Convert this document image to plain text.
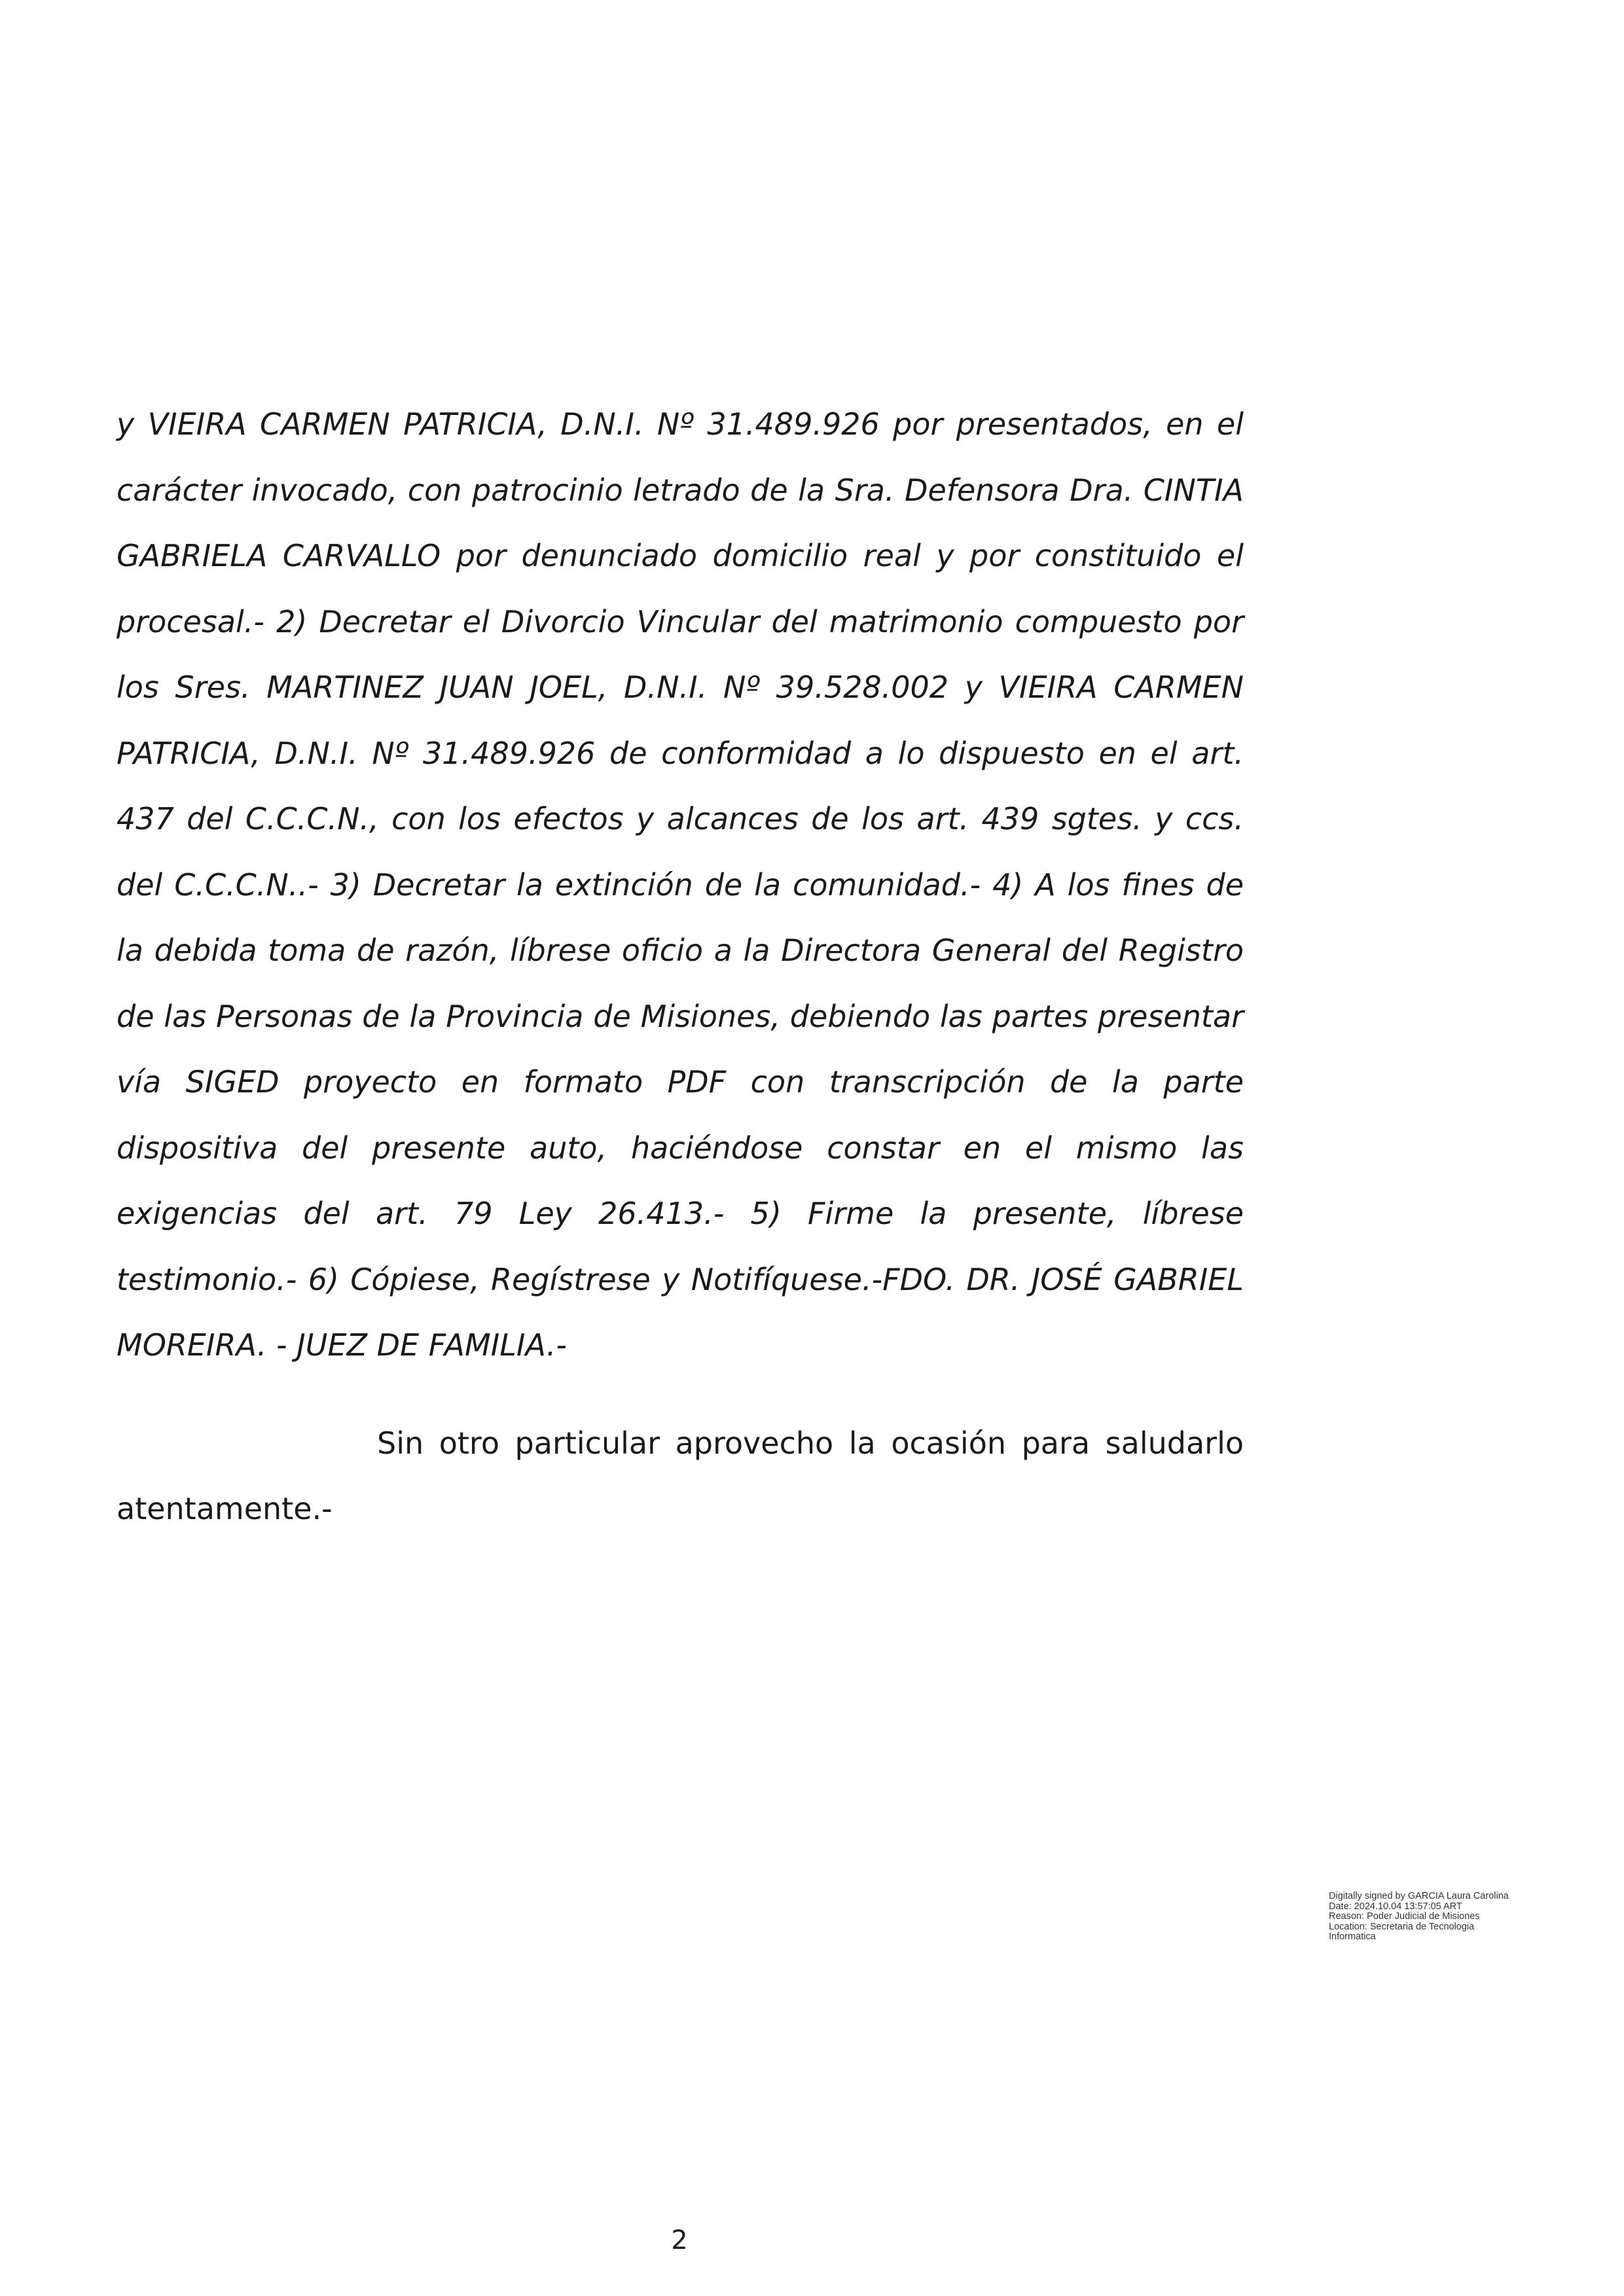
y VIEIRA CARMEN PATRICIA, D.N.I. Nº 31.489.926 por presentados, en el carácter invocado, con patrocinio letrado de la Sra. Defensora Dra. CINTIA GABRIELA CARVALLO por denunciado domicilio real y por constituido el procesal.- 2) Decretar el Divorcio Vincular del matrimonio compuesto por los Sres. MARTINEZ JUAN JOEL, D.N.I. Nº 39.528.002 y VIEIRA CARMEN PATRICIA, D.N.I. Nº 31.489.926 de conformidad a lo dispuesto en el art. 437 del C.C.C.N., con los efectos y alcances de los art. 439 sgtes. y ccs. del C.C.C.N..- 3) Decretar la extinción de la comunidad.- 4) A los fines de la debida toma de razón, líbrese oficio a la Directora General del Registro de las Personas de la Provincia de Misiones, debiendo las partes presentar vía SIGED proyecto en formato PDF con transcripción de la parte dispositiva del presente auto, haciéndose constar en el mismo las exigencias del art. 79 Ley 26.413.- 5) Firme la presente, líbrese testimonio.- 6) Cópiese, Regístrese y Notifíquese.-FDO. DR. JOSÉ GABRIEL MOREIRA. - JUEZ DE FAMILIA.-

Sin otro particular aprovecho la ocasión para saludarlo atentamente.-

Digitally signed by GARCIA Laura Carolina
Date: 2024.10.04 13:57:05 ART
Reason: Poder Judicial de Misiones
Location: Secretaria de Tecnologia
Informatica
2
